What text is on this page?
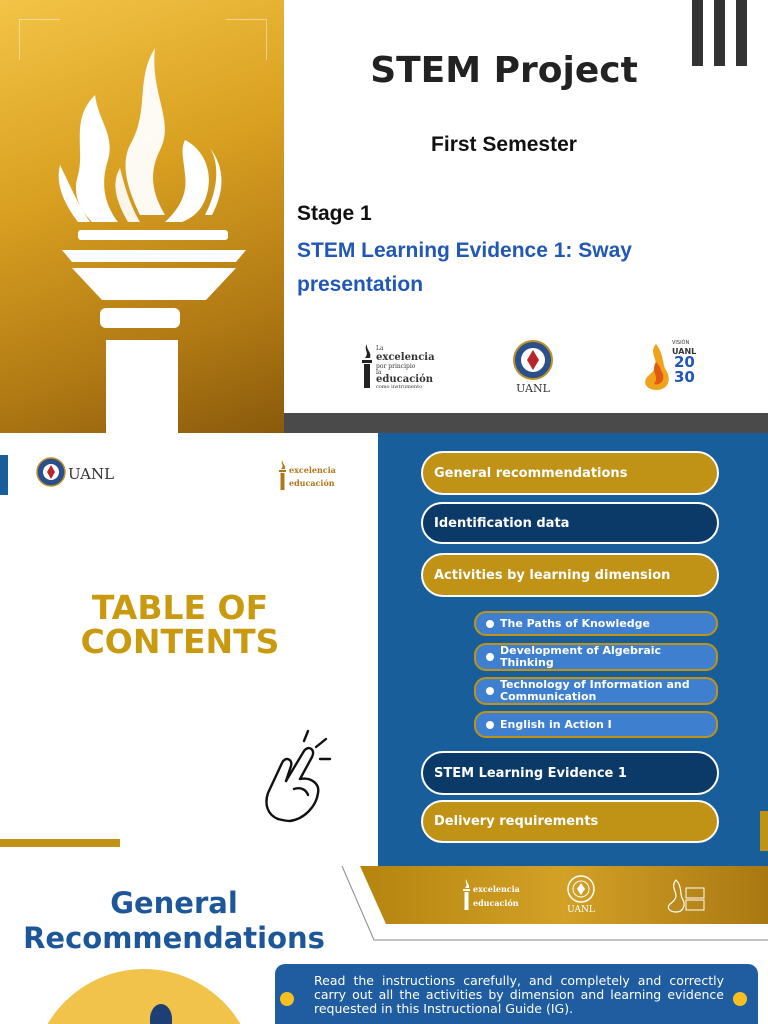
STEM Project
First Semester
Stage 1
STEM Learning Evidence 1: Sway presentation
La
excelencia
por principio
la
educación
como instrumento	UANL
VISIÓN
UANL
20
30
UANL	excelencia
educación
TABLE OF CONTENTS
General recommendations
Identification data
Activities by learning dimension
The Paths of Knowledge
Development of Algebraic Thinking
Technology of Information and Communication
English in Action I
STEM Learning Evidence 1
Delivery requirements
General Recommendations
excelencia
educación
UANL
Read the instructions carefully, and completely and correctly carry out all the activities by dimension and learning evidence requested in this Instructional Guide (IG).
